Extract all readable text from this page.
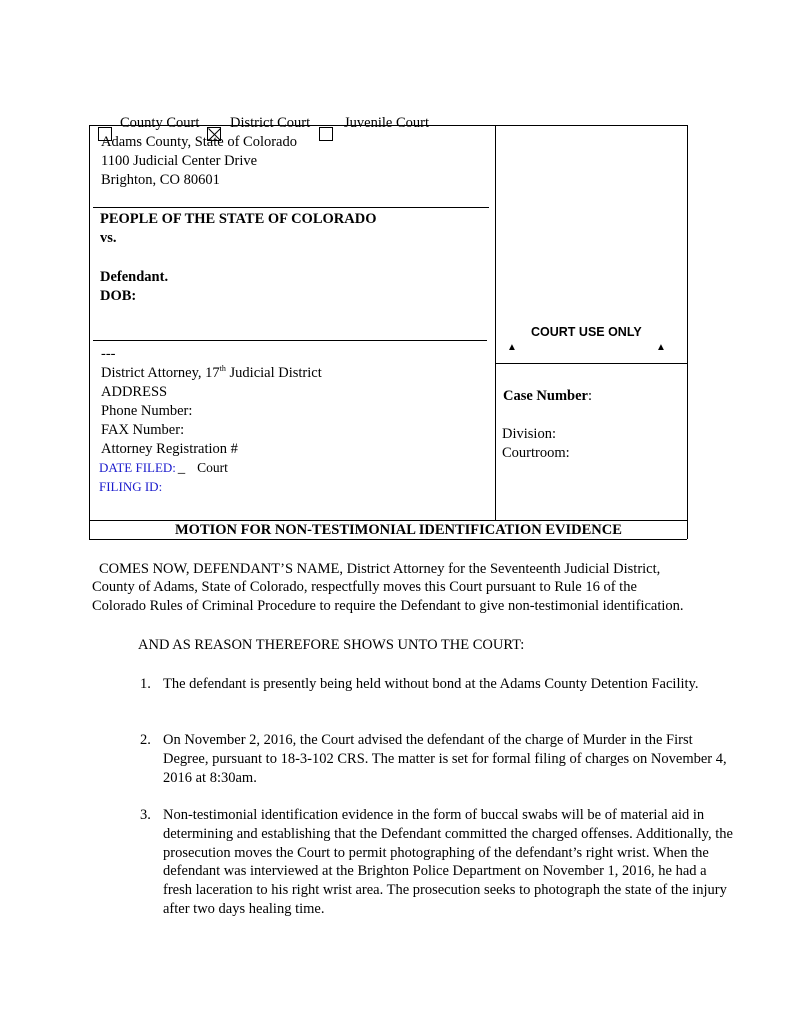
County Court District Court Juvenile Court
Adams County, State of Colorado
1100 Judicial Center Drive
Brighton, CO 80601
PEOPLE OF THE STATE OF COLORADO
vs.
Defendant.
DOB:
COURT USE ONLY
▲	▲
---
District Attorney, 17th Judicial District
ADDRESS
Phone Number:
FAX Number:
Attorney Registration #
DATE FILED: _ Court
FILING ID:
Case Number:
Division:
Courtroom:
MOTION FOR NON-TESTIMONIAL IDENTIFICATION EVIDENCE
COMES NOW, DEFENDANT’S NAME, District Attorney for the Seventeenth Judicial District,
County of Adams, State of Colorado, respectfully moves this Court pursuant to Rule 16 of the
Colorado Rules of Criminal Procedure to require the Defendant to give non-testimonial identification.
AND AS REASON THEREFORE SHOWS UNTO THE COURT:
1. The defendant is presently being held without bond at the Adams County Detention Facility.
2. On November 2, 2016, the Court advised the defendant of the charge of Murder in the First Degree, pursuant to 18-3-102 CRS. The matter is set for formal filing of charges on November 4, 2016 at 8:30am.
3. Non-testimonial identification evidence in the form of buccal swabs will be of material aid in determining and establishing that the Defendant committed the charged offenses. Additionally, the prosecution moves the Court to permit photographing of the defendant’s right wrist. When the defendant was interviewed at the Brighton Police Department on November 1, 2016, he had a fresh laceration to his right wrist area. The prosecution seeks to photograph the state of the injury after two days healing time.
